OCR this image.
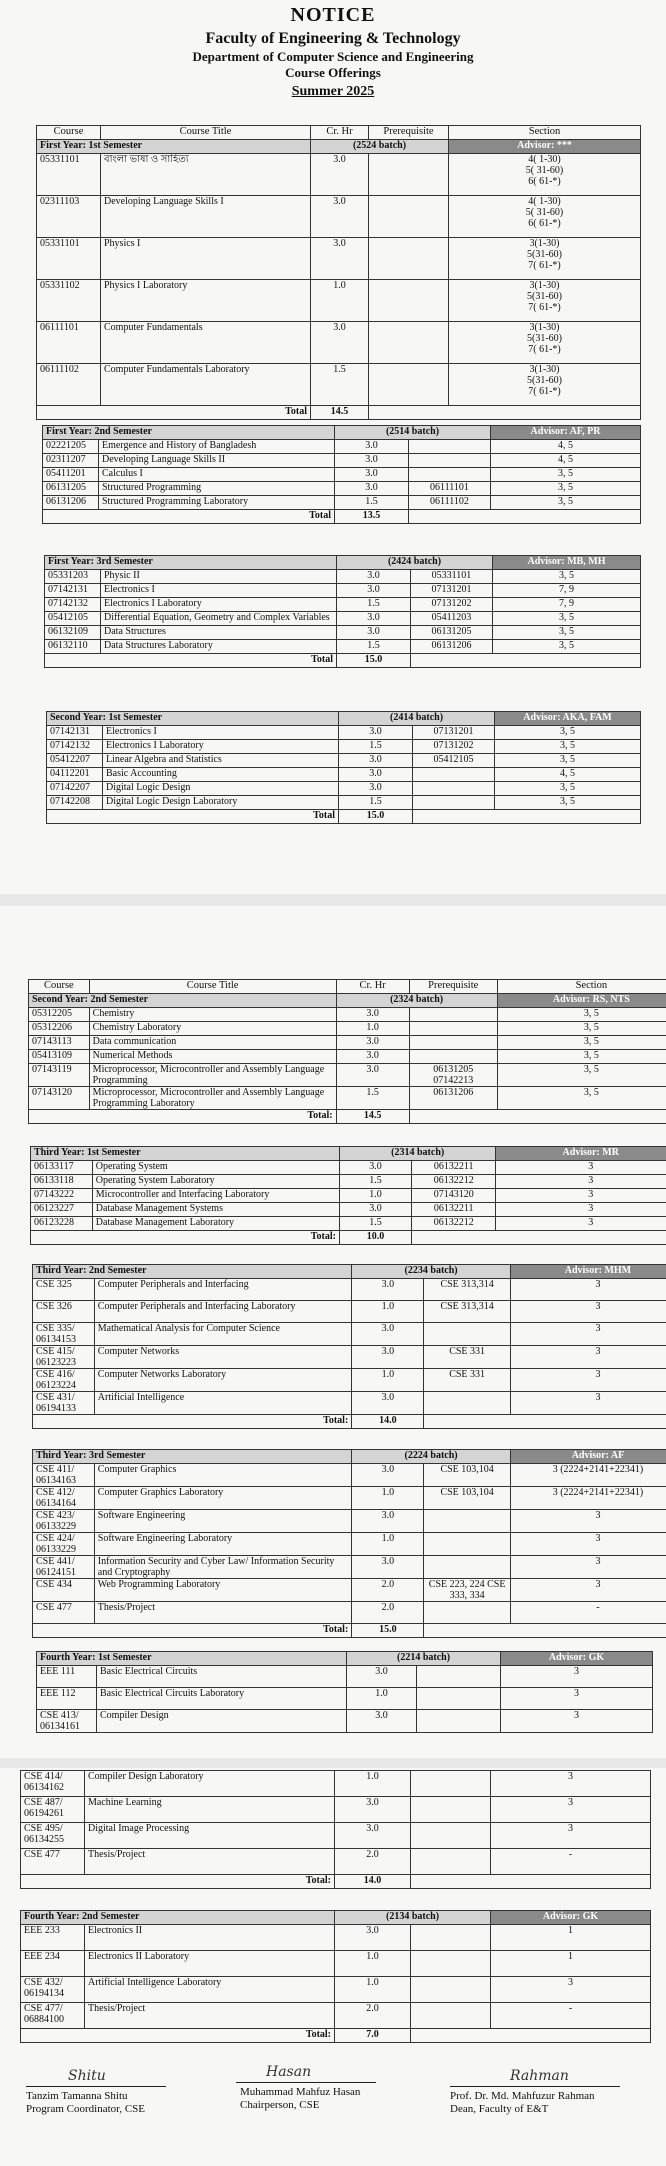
NOTICE
Faculty of Engineering & Technology
Department of Computer Science and Engineering
Course Offerings
Summer 2025
Course	Course Title	Cr. Hr	Prerequisite	Section
First Year: 1st Semester		(2524 batch)		Advisor: ***
05331101	বাংলা ভাষা ও সাহিত্য	3.0		4( 1-30)
5( 31-60)
6( 61-*)

02311103	Developing Language Skills I	3.0		4( 1-30)
5( 31-60)
6( 61-*)

05331101	Physics I	3.0		3(1-30)
5(31-60)
7( 61-*)

05331102	Physics I Laboratory	1.0		3(1-30)
5(31-60)
7( 61-*)

06111101	Computer Fundamentals	3.0		3(1-30)
5(31-60)
7( 61-*)

06111102	Computer Fundamentals Laboratory	1.5		3(1-30)
5(31-60)
7( 61-*)

Total		14.5		
First Year: 2nd Semester		(2514 batch)		Advisor: AF, PR
02221205	Emergence and History of Bangladesh	3.0		4, 5
02311207	Developing Language Skills II	3.0		4, 5
05411201	Calculus I	3.0		3, 5
06131205	Structured Programming	3.0	06111101	3, 5
06131206	Structured Programming Laboratory	1.5	06111102	3, 5
Total		13.5		
First Year: 3rd Semester		(2424 batch)		Advisor: MB, MH
05331203	Physic II	3.0	05331101	3, 5
07142131	Electronics I	3.0	07131201	7, 9
07142132	Electronics I Laboratory	1.5	07131202	7, 9
05412105	Differential Equation, Geometry and Complex Variables	3.0	05411203	3, 5
06132109	Data Structures	3.0	06131205	3, 5
06132110	Data Structures Laboratory	1.5	06131206	3, 5
Total		15.0		
Second Year: 1st Semester		(2414 batch)		Advisor: AKA, FAM
07142131	Electronics I	3.0	07131201	3, 5
07142132	Electronics I Laboratory	1.5	07131202	3, 5
05412207	Linear Algebra and Statistics	3.0	05412105	3, 5
04112201	Basic Accounting	3.0		4, 5
07142207	Digital Logic Design	3.0		3, 5
07142208	Digital Logic Design Laboratory	1.5		3, 5
Total		15.0		
Course	Course Title	Cr. Hr	Prerequisite	Section
Second Year: 2nd Semester		(2324 batch)		Advisor: RS, NTS
05312205	Chemistry	3.0		3, 5
05312206	Chemistry Laboratory	1.0		3, 5
07143113	Data communication	3.0		3, 5
05413109	Numerical Methods	3.0		3, 5
07143119	Microprocessor, Microcontroller and Assembly Language Programming	3.0	06131205 07142213	3, 5
07143120	Microprocessor, Microcontroller and Assembly Language Programming Laboratory	1.5	06131206	3, 5
Total:		14.5		
Third Year: 1st Semester		(2314 batch)		Advisor: MR
06133117	Operating System	3.0	06132211	3
06133118	Operating System Laboratory	1.5	06132212	3
07143222	Microcontroller and Interfacing Laboratory	1.0	07143120	3
06123227	Database Management Systems	3.0	06132211	3
06123228	Database Management Laboratory	1.5	06132212	3
Total:		10.0		
Third Year: 2nd Semester		(2234 batch)		Advisor: MHM
CSE 325	Computer Peripherals and Interfacing	3.0	CSE 313,314	3
CSE 326	Computer Peripherals and Interfacing Laboratory	1.0	CSE 313,314	3
CSE 335/ 06134153	Mathematical Analysis for Computer Science	3.0		3
CSE 415/ 06123223	Computer Networks	3.0	CSE 331	3
CSE 416/ 06123224	Computer Networks Laboratory	1.0	CSE 331	3
CSE 431/ 06194133	Artificial Intelligence	3.0		3
Total:		14.0		
Third Year: 3rd Semester		(2224 batch)		Advisor: AF
CSE 411/ 06134163	Computer Graphics	3.0	CSE 103,104	3 (2224+2141+22341)
CSE 412/ 06134164	Computer Graphics Laboratory	1.0	CSE 103,104	3 (2224+2141+22341)
CSE 423/ 06133229	Software Engineering	3.0		3
CSE 424/ 06133229	Software Engineering Laboratory	1.0		3
CSE 441/ 06124151	Information Security and Cyber Law/ Information Security and Cryptography	3.0		3
CSE 434	Web Programming Laboratory	2.0	CSE 223, 224 CSE 333, 334	3
CSE 477	Thesis/Project	2.0		-
Total:		15.0		
Fourth Year: 1st Semester		(2214 batch)		Advisor: GK
EEE 111	Basic Electrical Circuits	3.0		3
EEE 112	Basic Electrical Circuits Laboratory	1.0		3
CSE 413/ 06134161	Compiler Design	3.0		3
CSE 414/ 06134162	Compiler Design Laboratory	1.0		3
CSE 487/ 06194261	Machine Learning	3.0		3
CSE 495/ 06134255	Digital Image Processing	3.0		3
CSE 477	Thesis/Project	2.0		-
Total:		14.0		
Fourth Year: 2nd Semester		(2134 batch)		Advisor: GK
EEE 233	Electronics II	3.0		1
EEE 234	Electronics II Laboratory	1.0		1
CSE 432/ 06194134	Artificial Intelligence Laboratory	1.0		3
CSE 477/ 06884100	Thesis/Project	2.0		-
Total:		7.0		
Shitu
Tanzim Tamanna Shitu
Program Coordinator, CSE
Hasan
Muhammad Mahfuz Hasan
Chairperson, CSE
Rahman
Prof. Dr. Md. Mahfuzur Rahman
Dean, Faculty of E&T
